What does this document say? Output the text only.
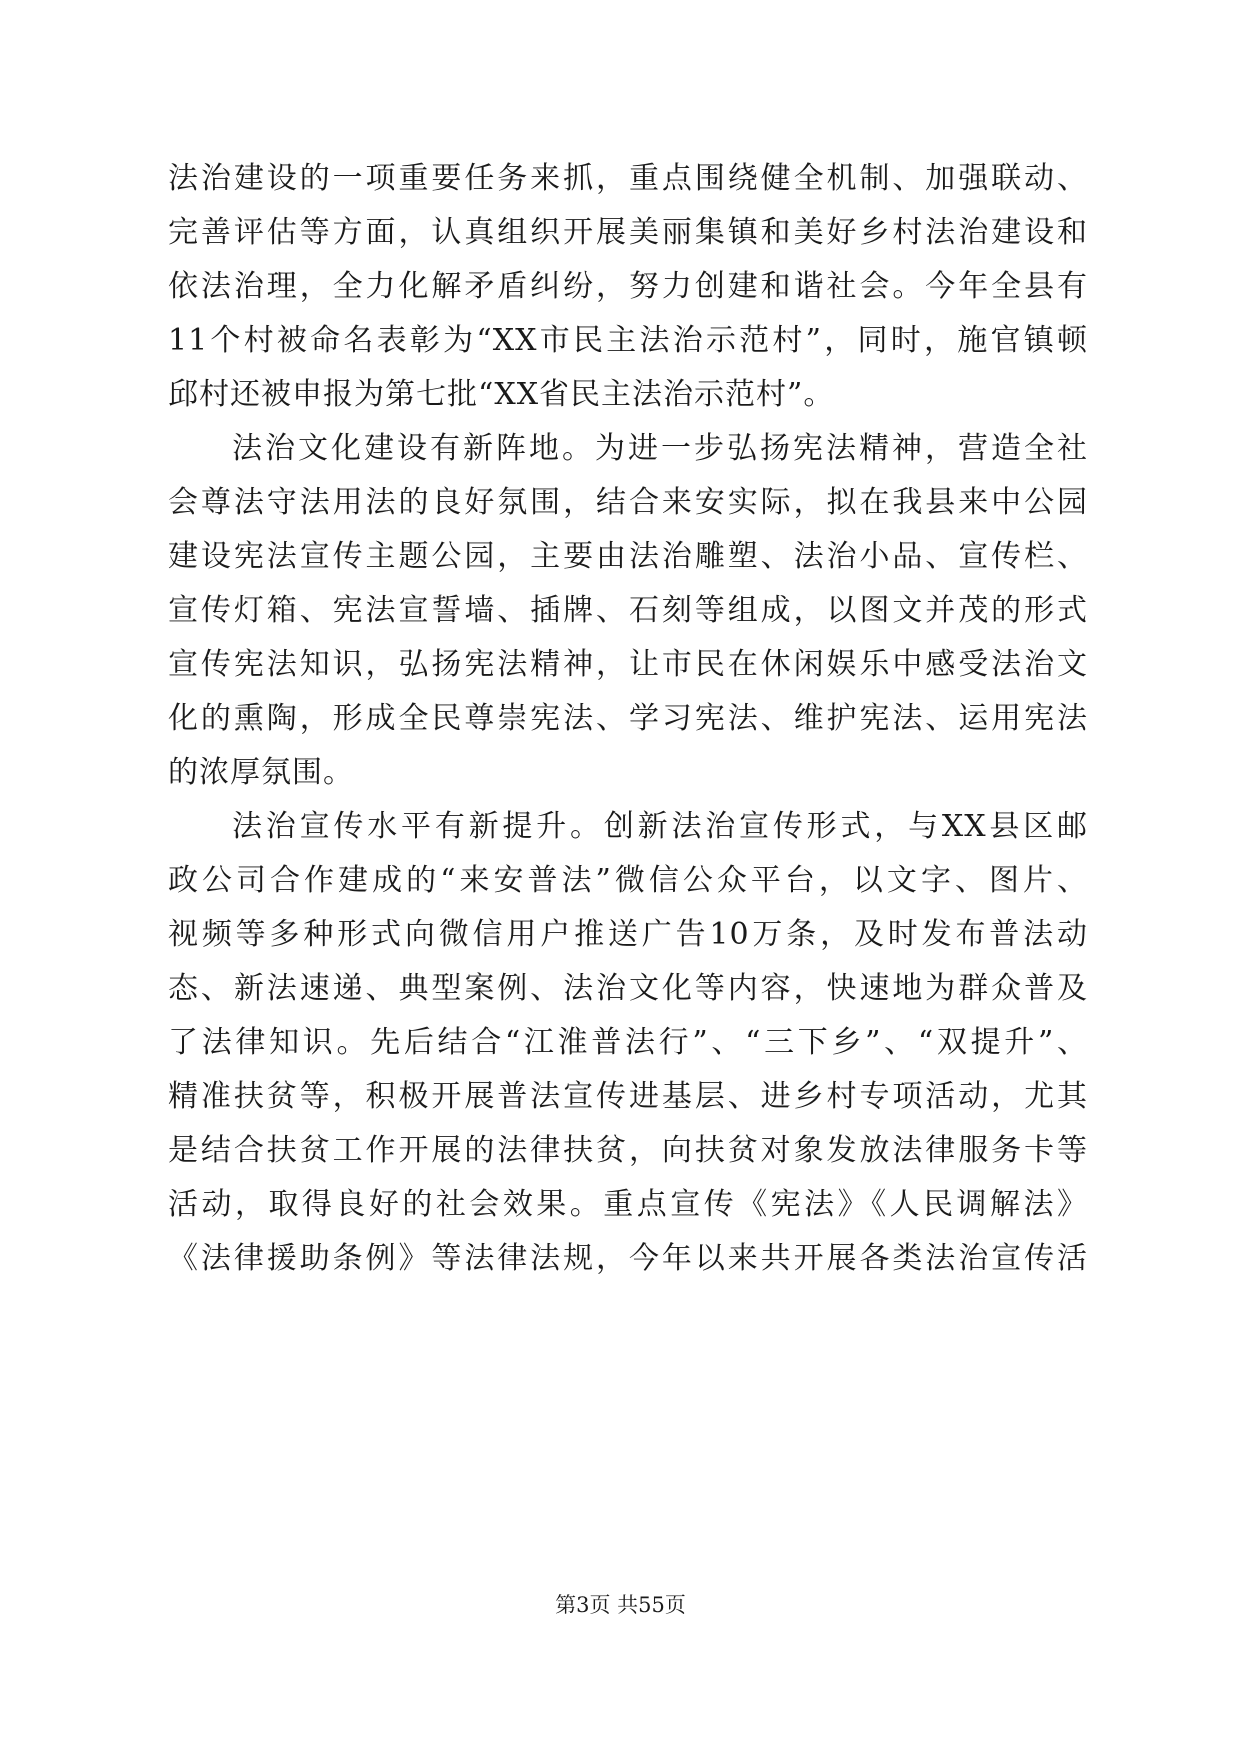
法治建设的一项重要任务来抓，重点围绕健全机制、加强联动、
完善评估等方面，认真组织开展美丽集镇和美好乡村法治建设和
依法治理，全力化解矛盾纠纷，努力创建和谐社会。今年全县有
11个村被命名表彰为“XX市民主法治示范村”，同时，施官镇顿
邱村还被申报为第七批“XX省民主法治示范村”。
法治文化建设有新阵地。为进一步弘扬宪法精神，营造全社
会尊法守法用法的良好氛围，结合来安实际，拟在我县来中公园
建设宪法宣传主题公园，主要由法治雕塑、法治小品、宣传栏、
宣传灯箱、宪法宣誓墙、插牌、石刻等组成，以图文并茂的形式
宣传宪法知识，弘扬宪法精神，让市民在休闲娱乐中感受法治文
化的熏陶，形成全民尊崇宪法、学习宪法、维护宪法、运用宪法
的浓厚氛围。
法治宣传水平有新提升。创新法治宣传形式，与XX县区邮
政公司合作建成的“来安普法”微信公众平台，以文字、图片、
视频等多种形式向微信用户推送广告10万条，及时发布普法动
态、新法速递、典型案例、法治文化等内容，快速地为群众普及
了法律知识。先后结合“江淮普法行”、“三下乡”、“双提升”、
精准扶贫等，积极开展普法宣传进基层、进乡村专项活动，尤其
是结合扶贫工作开展的法律扶贫，向扶贫对象发放法律服务卡等
活动，取得良好的社会效果。重点宣传《宪法》《人民调解法》
《法律援助条例》等法律法规，今年以来共开展各类法治宣传活
第3页 共55页
